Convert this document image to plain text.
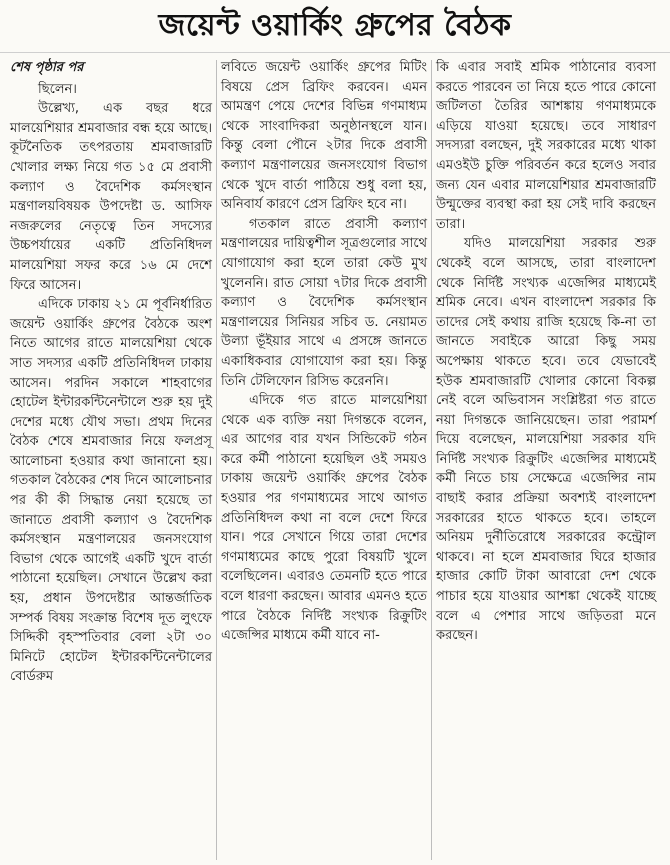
জয়েন্ট ওয়ার্কিং গ্রুপের বৈঠক
শেষ পৃষ্ঠার পর

ছিলেন।

উল্লেখ্য, এক বছর ধরে মালয়েশিয়ার শ্রমবাজার বন্ধ হয়ে আছে। কূটনৈতিক তৎপরতায় শ্রমবাজারটি খোলার লক্ষ্য নিয়ে গত ১৫ মে প্রবাসী কল্যাণ ও বৈদেশিক কর্মসংস্থান মন্ত্রণালয়বিষয়ক উপদেষ্টা ড. আসিফ নজরুলের নেতৃত্বে তিন সদস্যের উচ্চপর্যায়ের একটি প্রতিনিধিদল মালয়েশিয়া সফর করে ১৬ মে দেশে ফিরে আসেন।

এদিকে ঢাকায় ২১ মে পূর্বনির্ধারিত জয়েন্ট ওয়ার্কিং গ্রুপের বৈঠকে অংশ নিতে আগের রাতে মালয়েশিয়া থেকে সাত সদস্যর একটি প্রতিনিধিদল ঢাকায় আসেন। পরদিন সকালে শাহবাগের হোটেল ইন্টারকন্টিনেন্টালে শুরু হয় দুই দেশের মধ্যে যৌথ সভা। প্রথম দিনের বৈঠক শেষে শ্রমবাজার নিয়ে ফলপ্রসূ আলোচনা হওয়ার কথা জানানো হয়। গতকাল বৈঠকের শেষ দিনে আলোচনার পর কী কী সিদ্ধান্ত নেয়া হয়েছে তা জানাতে প্রবাসী কল্যাণ ও বৈদেশিক কর্মসংস্থান মন্ত্রণালয়ের জনসংযোগ বিভাগ থেকে আগেই একটি খুদে বার্তা পাঠানো হয়েছিল। সেখানে উল্লেখ করা হয়, প্রধান উপদেষ্টার আন্তর্জাতিক সম্পর্ক বিষয় সংক্রান্ত বিশেষ দূত লুৎফে সিদ্দিকী বৃহস্পতিবার বেলা ২টা ৩০ মিনিটে হোটেল ইন্টারকন্টিনেন্টালের বোর্ডরুম

লবিতে জয়েন্ট ওয়ার্কিং গ্রুপের মিটিং বিষয়ে প্রেস ব্রিফিং করবেন। এমন আমন্ত্রণ পেয়ে দেশের বিভিন্ন গণমাধ্যম থেকে সাংবাদিকরা অনুষ্ঠানস্থলে যান। কিন্তু বেলা পৌনে ২টার দিকে প্রবাসী কল্যাণ মন্ত্রণালয়ের জনসংযোগ বিভাগ থেকে খুদে বার্তা পাঠিয়ে শুধু বলা হয়, অনিবার্য কারণে প্রেস ব্রিফিং হবে না।

গতকাল রাতে প্রবাসী কল্যাণ মন্ত্রণালয়ের দায়িত্বশীল সূত্রগুলোর সাথে যোগাযোগ করা হলে তারা কেউ মুখ খুলেননি। রাত সোয়া ৭টার দিকে প্রবাসী কল্যাণ ও বৈদেশিক কর্মসংস্থান মন্ত্রণালয়ের সিনিয়র সচিব ড. নেয়ামত উল্যা ভূঁইয়ার সাথে এ প্রসঙ্গে জানতে একাধিকবার যোগাযোগ করা হয়। কিন্তু তিনি টেলিফোন রিসিভ করেননি।

এদিকে গত রাতে মালয়েশিয়া থেকে এক ব্যক্তি নয়া দিগন্তকে বলেন, এর আগের বার যখন সিন্ডিকেট গঠন করে কর্মী পাঠানো হয়েছিল ওই সময়ও ঢাকায় জয়েন্ট ওয়ার্কিং গ্রুপের বৈঠক হওয়ার পর গণমাধ্যমের সাথে আগত প্রতিনিধিদল কথা না বলে দেশে ফিরে যান। পরে সেখানে গিয়ে তারা দেশের গণমাধ্যমের কাছে পুরো বিষয়টি খুলে বলেছিলেন। এবারও তেমনটি হতে পারে বলে ধারণা করছেন। আবার এমনও হতে পারে বৈঠকে নির্দিষ্ট সংখ্যক রিক্রুটিং এজেন্সির মাধ্যমে কর্মী যাবে না-

কি এবার সবাই শ্রমিক পাঠানোর ব্যবসা করতে পারবেন তা নিয়ে হতে পারে কোনো জটিলতা তৈরির আশঙ্কায় গণমাধ্যমকে এড়িয়ে যাওয়া হয়েছে। তবে সাধারণ সদস্যরা বলছেন, দুই সরকারের মধ্যে থাকা এমওইউ চুক্তি পরিবর্তন করে হলেও সবার জন্য যেন এবার মালয়েশিয়ার শ্রমবাজারটি উন্মুক্তের ব্যবস্থা করা হয় সেই দাবি করছেন তারা।

যদিও মালয়েশিয়া সরকার শুরু থেকেই বলে আসছে, তারা বাংলাদেশ থেকে নির্দিষ্ট সংখ্যক এজেন্সির মাধ্যমেই শ্রমিক নেবে। এখন বাংলাদেশ সরকার কি তাদের সেই কথায় রাজি হয়েছে কি-না তা জানতে সবাইকে আরো কিছু সময় অপেক্ষায় থাকতে হবে। তবে যেভাবেই হউক শ্রমবাজারটি খোলার কোনো বিকল্প নেই বলে অভিবাসন সংশ্লিষ্টরা গত রাতে নয়া দিগন্তকে জানিয়েছেন। তারা পরামর্শ দিয়ে বলেছেন, মালয়েশিয়া সরকার যদি নির্দিষ্ট সংখ্যক রিক্রুটিং এজেন্সির মাধ্যমেই কর্মী নিতে চায় সেক্ষেত্রে এজেন্সির নাম বাছাই করার প্রক্রিয়া অবশ্যই বাংলাদেশ সরকারের হাতে থাকতে হবে। তাহলে অনিয়ম দুর্নীতিরোধে সরকারের কন্ট্রোল থাকবে। না হলে শ্রমবাজার ঘিরে হাজার হাজার কোটি টাকা আবারো দেশ থেকে পাচার হয়ে যাওয়ার আশঙ্কা থেকেই যাচ্ছে বলে এ পেশার সাথে জড়িতরা মনে করছেন।
